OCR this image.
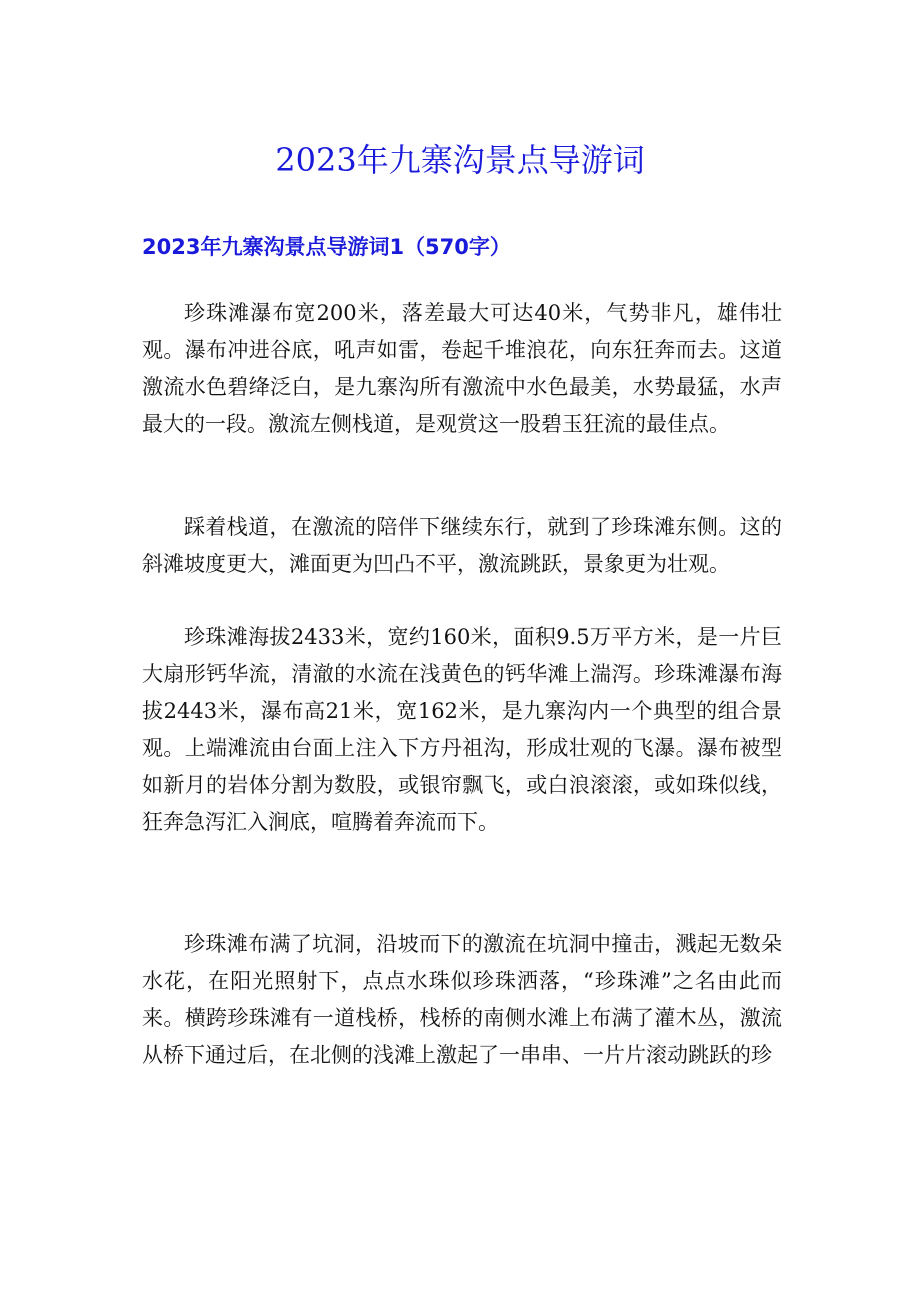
2023年九寨沟景点导游词
2023年九寨沟景点导游词1（570字）

珍珠滩瀑布宽200米，落差最大可达40米，气势非凡，雄伟壮观。瀑布冲进谷底，吼声如雷，卷起千堆浪花，向东狂奔而去。这道激流水色碧绛泛白，是九寨沟所有激流中水色最美，水势最猛，水声最大的一段。激流左侧栈道，是观赏这一股碧玉狂流的最佳点。

踩着栈道，在激流的陪伴下继续东行，就到了珍珠滩东侧。这的斜滩坡度更大，滩面更为凹凸不平，激流跳跃，景象更为壮观。

珍珠滩海拔2433米，宽约160米，面积9.5万平方米，是一片巨大扇形钙华流，清澈的水流在浅黄色的钙华滩上湍泻。珍珠滩瀑布海拔2443米，瀑布高21米，宽162米，是九寨沟内一个典型的组合景观。上端滩流由台面上注入下方丹祖沟，形成壮观的飞瀑。瀑布被型如新月的岩体分割为数股，或银帘飘飞，或白浪滚滚，或如珠似线，狂奔急泻汇入涧底，喧腾着奔流而下。

珍珠滩布满了坑洞，沿坡而下的激流在坑洞中撞击，溅起无数朵水花，在阳光照射下，点点水珠似珍珠洒落，“珍珠滩”之名由此而来。横跨珍珠滩有一道栈桥，栈桥的南侧水滩上布满了灌木丛，激流从桥下通过后，在北侧的浅滩上激起了一串串、一片片滚动跳跃的珍
